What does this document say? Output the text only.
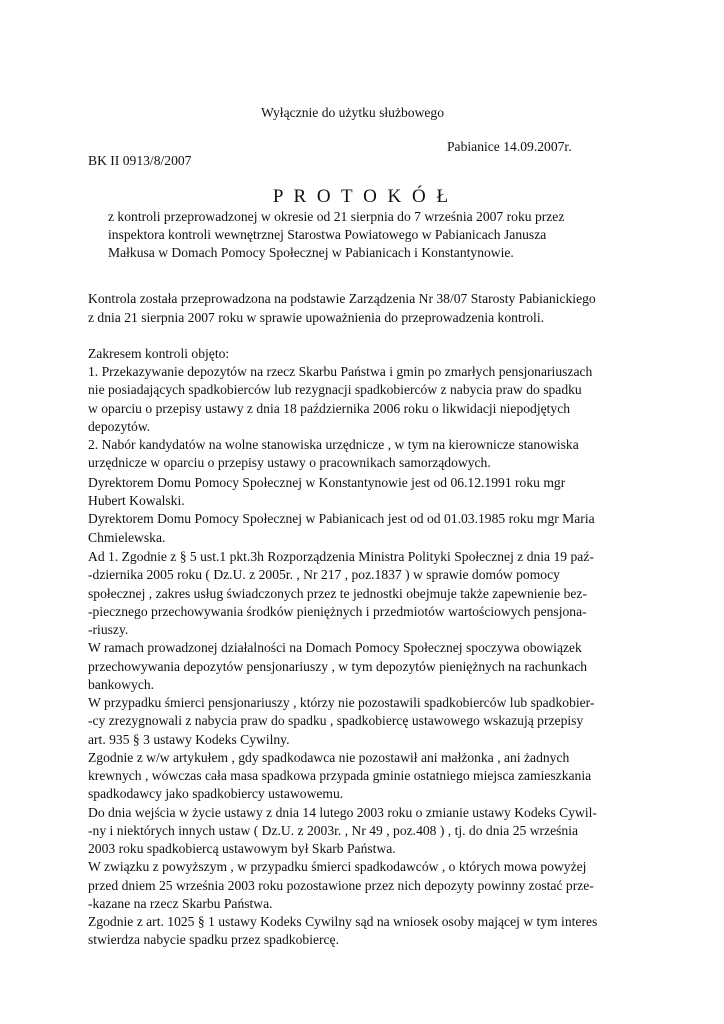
Wyłącznie do użytku służbowego
Pabianice 14.09.2007r.
BK II 0913/8/2007
P R O T O K Ó Ł
z kontroli przeprowadzonej w okresie od 21 sierpnia do 7 września 2007 roku przez
inspektora kontroli wewnętrznej Starostwa Powiatowego w Pabianicach Janusza
Małkusa w Domach Pomocy Społecznej w Pabianicach i Konstantynowie.
Kontrola została przeprowadzona na podstawie Zarządzenia Nr 38/07 Starosty Pabianickiego
z dnia 21 sierpnia 2007 roku w sprawie upoważnienia do przeprowadzenia kontroli.
Zakresem kontroli objęto:
1. Przekazywanie depozytów na rzecz Skarbu Państwa i gmin po zmarłych pensjonariuszach
nie posiadających spadkobierców lub rezygnacji spadkobierców z nabycia praw do spadku
w oparciu o przepisy ustawy z dnia 18 października 2006 roku o likwidacji niepodjętych
depozytów.
2. Nabór kandydatów na wolne stanowiska urzędnicze , w tym na kierownicze stanowiska
urzędnicze w oparciu o przepisy ustawy o pracownikach samorządowych.
Dyrektorem Domu Pomocy Społecznej w Konstantynowie jest od 06.12.1991 roku mgr
Hubert Kowalski.
Dyrektorem Domu Pomocy Społecznej w Pabianicach jest od od 01.03.1985 roku mgr Maria
Chmielewska.
Ad 1. Zgodnie z § 5 ust.1 pkt.3h Rozporządzenia Ministra Polityki Społecznej z dnia 19 paź-
-dziernika 2005 roku ( Dz.U. z 2005r. , Nr 217 , poz.1837 ) w sprawie domów pomocy
społecznej , zakres usług świadczonych przez te jednostki obejmuje także zapewnienie bez-
-piecznego przechowywania środków pieniężnych i przedmiotów wartościowych pensjona-
-riuszy.
W ramach prowadzonej działalności na Domach Pomocy Społecznej spoczywa obowiązek
przechowywania depozytów pensjonariuszy , w tym depozytów pieniężnych na rachunkach
bankowych.
W przypadku śmierci pensjonariuszy , którzy nie pozostawili spadkobierców lub spadkobier-
-cy zrezygnowali z nabycia praw do spadku , spadkobiercę ustawowego wskazują przepisy
art. 935 § 3 ustawy Kodeks Cywilny.
Zgodnie z w/w artykułem , gdy spadkodawca nie pozostawił ani małżonka , ani żadnych
krewnych , wówczas cała masa spadkowa przypada gminie ostatniego miejsca zamieszkania
spadkodawcy jako spadkobiercy ustawowemu.
Do dnia wejścia w życie ustawy z dnia 14 lutego 2003 roku o zmianie ustawy Kodeks Cywil-
-ny i niektórych innych ustaw ( Dz.U. z 2003r. , Nr 49 , poz.408 ) , tj. do dnia 25 września
2003 roku spadkobiercą ustawowym był Skarb Państwa.
W związku z powyższym , w przypadku śmierci spadkodawców , o których mowa powyżej
przed dniem 25 września 2003 roku pozostawione przez nich depozyty powinny zostać prze-
-kazane na rzecz Skarbu Państwa.
Zgodnie z art. 1025 § 1 ustawy Kodeks Cywilny sąd na wniosek osoby mającej w tym interes
stwierdza nabycie spadku przez spadkobiercę.
